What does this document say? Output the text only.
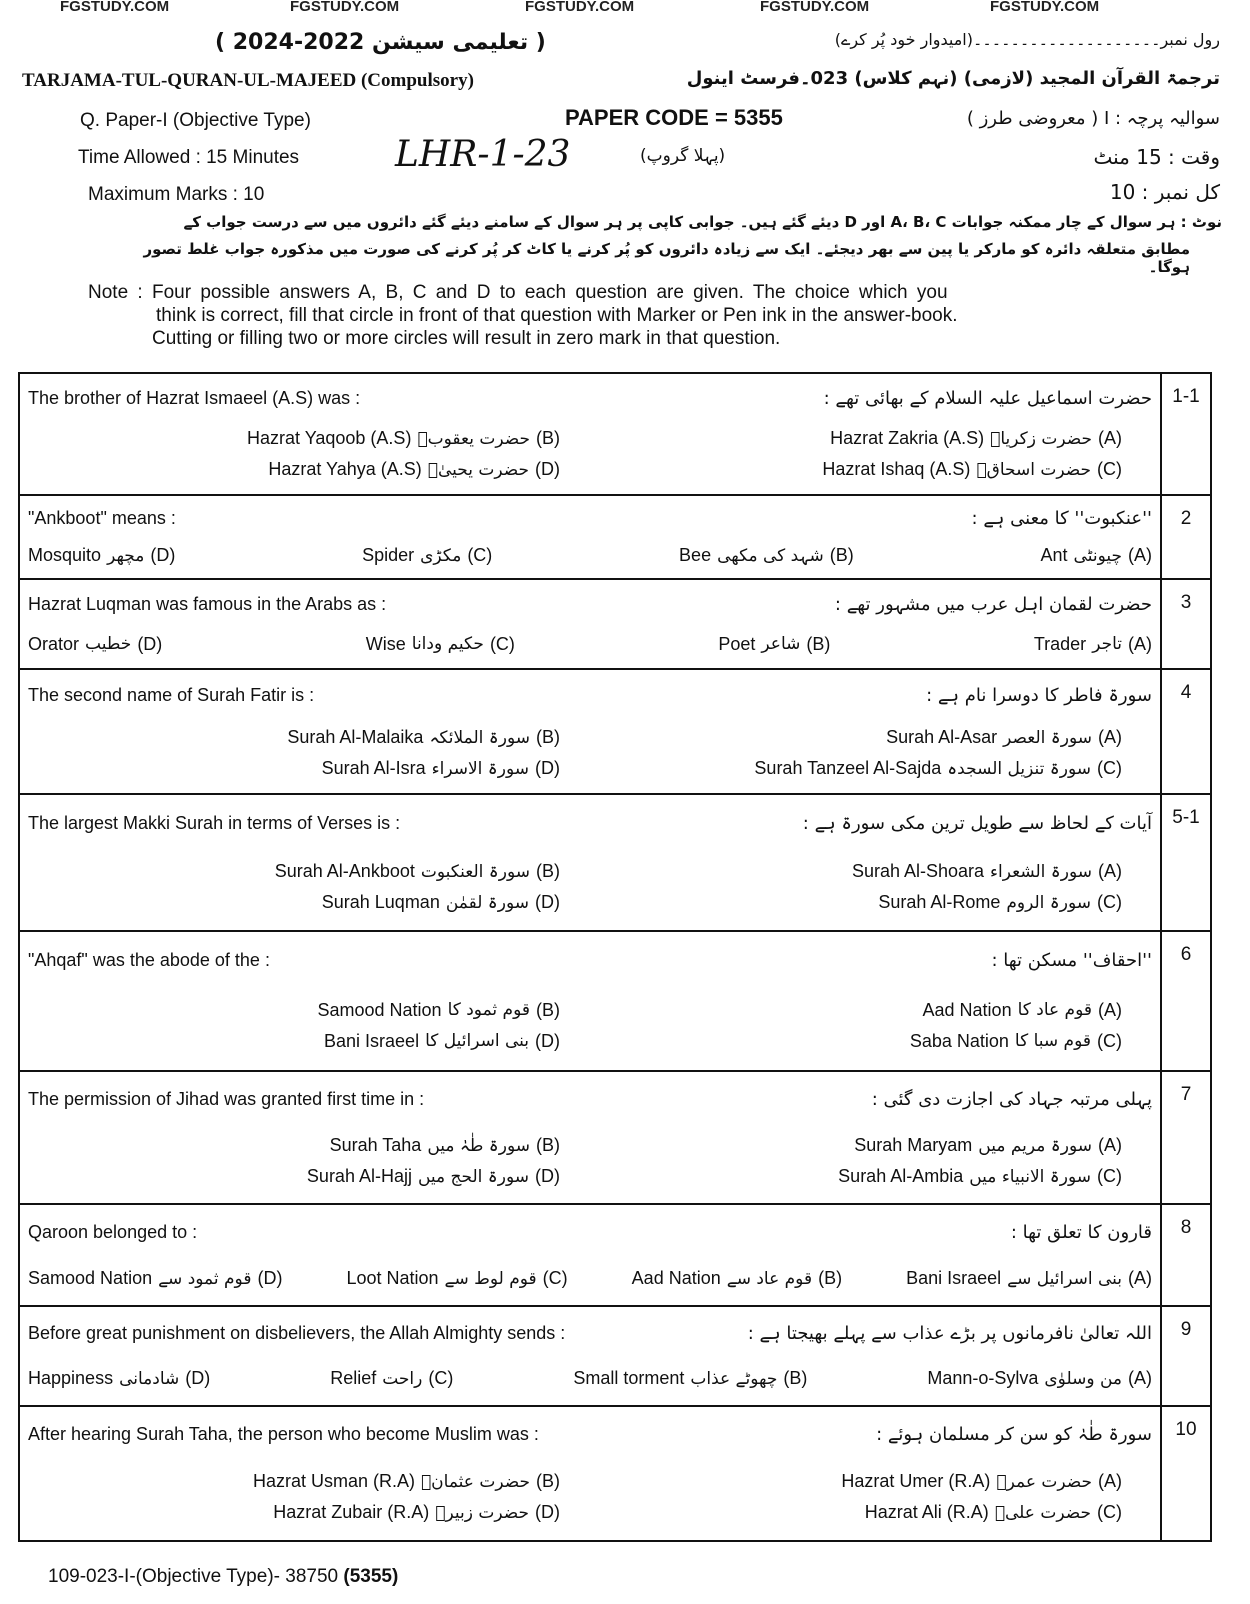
FGSTUDY.COM	FGSTUDY.COM	FGSTUDY.COM	FGSTUDY.COM	FGSTUDY.COM
رول نمبر۔۔۔۔۔۔۔۔۔۔۔۔۔۔۔۔۔۔۔۔(امیدوار خود پُر کرے)
( تعلیمی سیشن 2022-2024 )
TARJAMA-TUL-QURAN-UL-MAJEED (Compulsory)	ترجمۃ القرآن المجید (لازمی) (نہم کلاس) 023۔فرسٹ اینول
Q. Paper-I (Objective Type)	PAPER CODE = 5355	سوالیہ پرچہ : I ( معروضی طرز )
Time Allowed : 15 Minutes	LHR-1-23	(پہلا گروپ)	وقت : 15 منٹ
Maximum Marks : 10	کل نمبر : 10
نوٹ : ہر سوال کے چار ممکنہ جوابات A، B، C اور D دیئے گئے ہیں۔ جوابی کاپی پر ہر سوال کے سامنے دیئے گئے دائروں میں سے درست جواب کے
مطابق متعلقہ دائرہ کو مارکر یا پین سے بھر دیجئے۔ ایک سے زیادہ دائروں کو پُر کرنے یا کاٹ کر پُر کرنے کی صورت میں مذکورہ جواب غلط تصور ہوگا۔
Note : Four possible answers A, B, C and D to each question are given. The choice which you
think is correct, fill that circle in front of that question with Marker or Pen ink in the answer-book.
Cutting or filling two or more circles will result in zero mark in that question.
The brother of Hazrat Ismaeel (A.S) was :	حضرت اسماعیل علیہ السلام کے بھائی تھے :
Hazrat Yaqoob (A.S) حضرت یعقوبؑ (B)	Hazrat Zakria (A.S) حضرت زکریاؑ (A)
Hazrat Yahya (A.S) حضرت یحییٰؑ (D)	Hazrat Ishaq (A.S) حضرت اسحاقؑ (C)
1-1
"Ankboot" means :	''عنکبوت'' کا معنی ہے :
Ant چیونٹی (A)
Bee شہد کی مکھی (B)
Spider مکڑی (C)
Mosquito مچھر (D)
2
Hazrat Luqman was famous in the Arabs as :	حضرت لقمان اہل عرب میں مشہور تھے :
Trader تاجر (A)
Poet شاعر (B)
Wise حکیم ودانا (C)
Orator خطیب (D)
3
The second name of Surah Fatir is :	سورۃ فاطر کا دوسرا نام ہے :
Surah Al-Malaika سورۃ الملائکہ (B)	Surah Al-Asar سورۃ العصر (A)
Surah Al-Isra سورۃ الاسراء (D)	Surah Tanzeel Al-Sajda سورۃ تنزیل السجدہ (C)
4
The largest Makki Surah in terms of Verses is :	آیات کے لحاظ سے طویل ترین مکی سورۃ ہے :
Surah Al-Ankboot سورۃ العنکبوت (B)	Surah Al-Shoara سورۃ الشعراء (A)
Surah Luqman سورۃ لقمٰن (D)	Surah Al-Rome سورۃ الروم (C)
5-1
"Ahqaf" was the abode of the :	''احقاف'' مسکن تھا :
Samood Nation قوم ثمود کا (B)	Aad Nation قوم عاد کا (A)
Bani Israeel بنی اسرائیل کا (D)	Saba Nation قوم سبا کا (C)
6
The permission of Jihad was granted first time in :	پہلی مرتبہ جہاد کی اجازت دی گئی :
Surah Taha سورۃ طٰہٰ میں (B)	Surah Maryam سورۃ مریم میں (A)
Surah Al-Hajj سورۃ الحج میں (D)	Surah Al-Ambia سورۃ الانبیاء میں (C)
7
Qaroon belonged to :	قارون کا تعلق تھا :
Bani Israeel بنی اسرائیل سے (A)
Aad Nation قوم عاد سے (B)
Loot Nation قوم لوط سے (C)
Samood Nation قوم ثمود سے (D)
8
Before great punishment on disbelievers, the Allah Almighty sends :	اللہ تعالیٰ نافرمانوں پر بڑے عذاب سے پہلے بھیجتا ہے :
Mann-o-Sylva من وسلوٰی (A)
Small torment چھوٹے عذاب (B)
Relief راحت (C)
Happiness شادمانی (D)
9
After hearing Surah Taha, the person who become Muslim was :	سورۃ طٰہٰ کو سن کر مسلمان ہوئے :
Hazrat Usman (R.A) حضرت عثمانؓ (B)	Hazrat Umer (R.A) حضرت عمرؓ (A)
Hazrat Zubair (R.A) حضرت زبیرؓ (D)	Hazrat Ali (R.A) حضرت علیؓ (C)
10
109-023-I-(Objective Type)- 38750 (5355)
